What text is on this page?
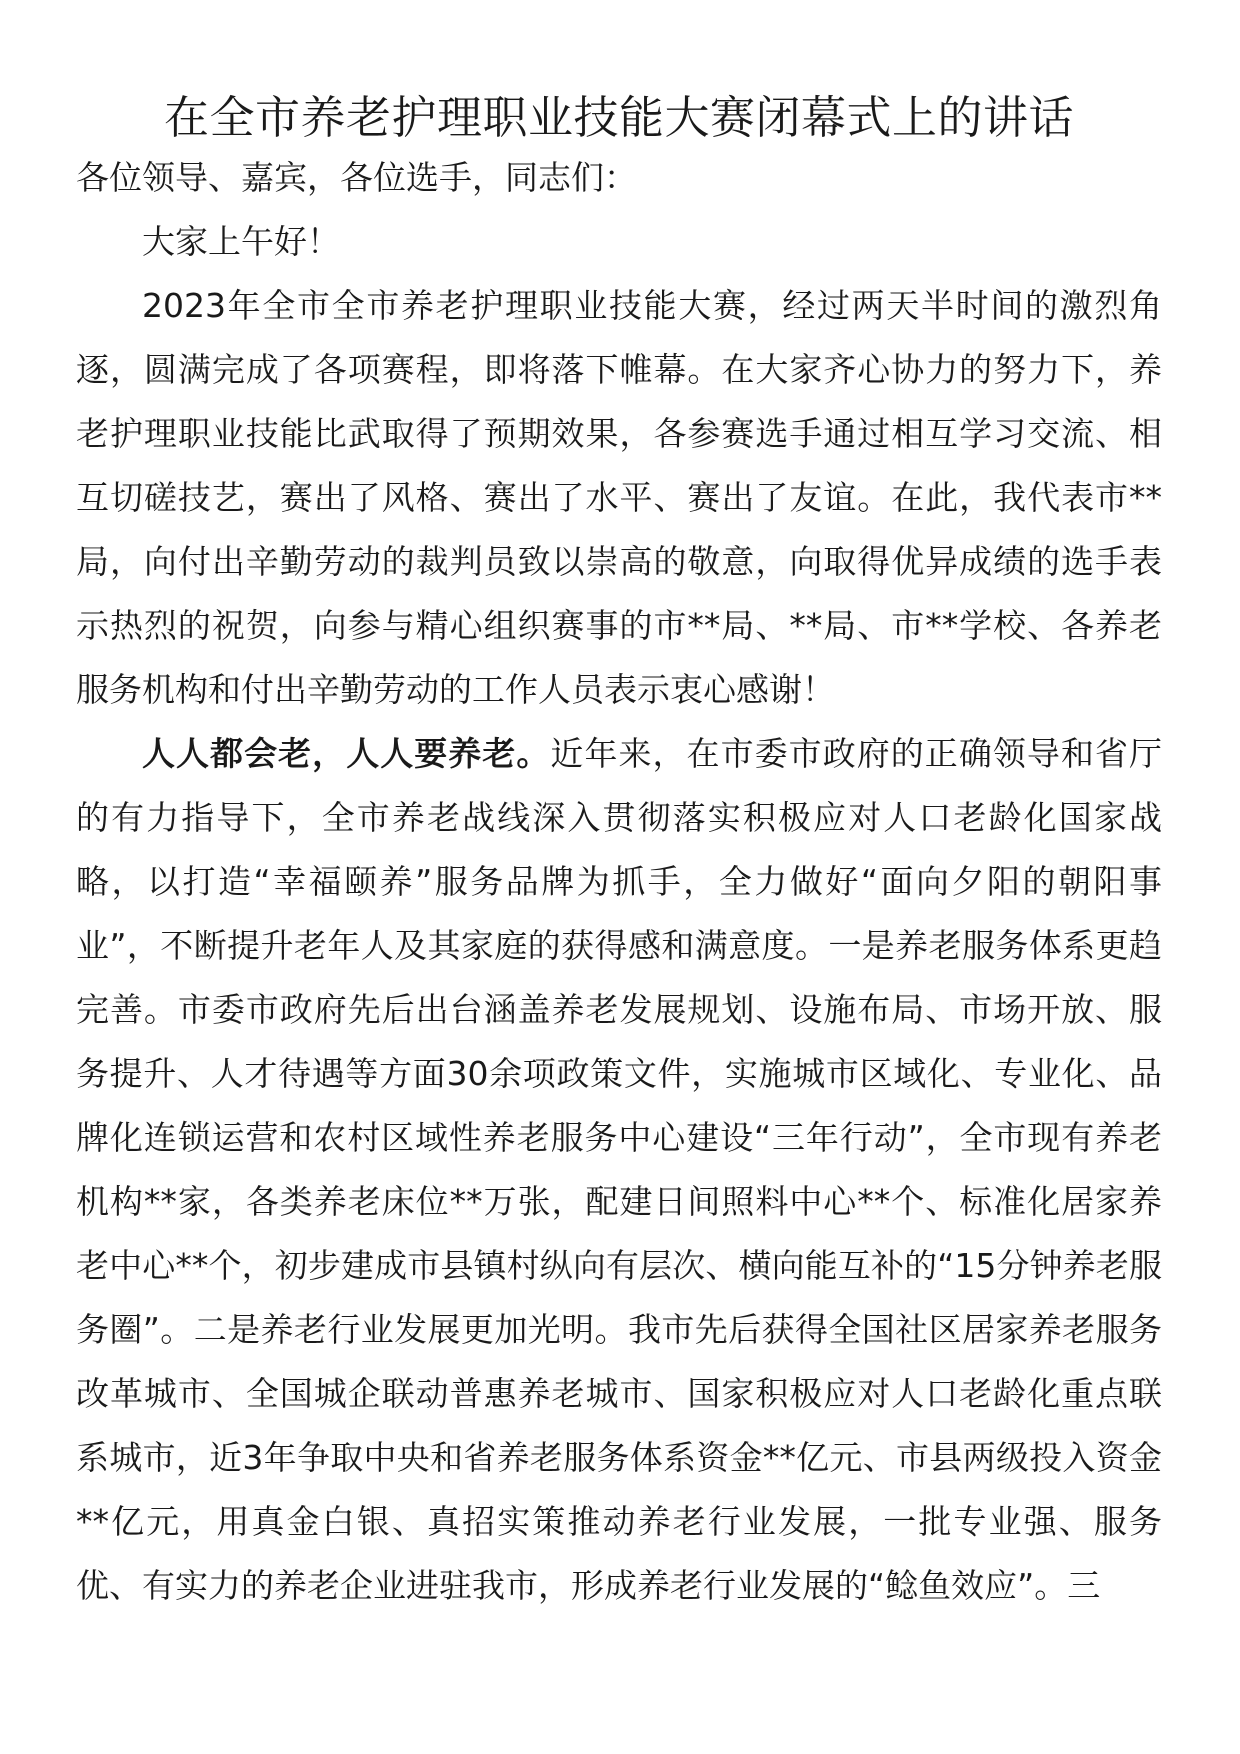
在全市养老护理职业技能大赛闭幕式上的讲话

各位领导、嘉宾，各位选手，同志们：

大家上午好！

2023年全市全市养老护理职业技能大赛，经过两天半时间的激烈角逐，圆满完成了各项赛程，即将落下帷幕。在大家齐心协力的努力下，养老护理职业技能比武取得了预期效果，各参赛选手通过相互学习交流、相互切磋技艺，赛出了风格、赛出了水平、赛出了友谊。在此，我代表市**局，向付出辛勤劳动的裁判员致以崇高的敬意，向取得优异成绩的选手表示热烈的祝贺，向参与精心组织赛事的市**局、**局、市**学校、各养老服务机构和付出辛勤劳动的工作人员表示衷心感谢！

人人都会老，人人要养老。近年来，在市委市政府的正确领导和省厅的有力指导下，全市养老战线深入贯彻落实积极应对人口老龄化国家战略，以打造“幸福颐养”服务品牌为抓手，全力做好“面向夕阳的朝阳事业”，不断提升老年人及其家庭的获得感和满意度。一是养老服务体系更趋完善。市委市政府先后出台涵盖养老发展规划、设施布局、市场开放、服务提升、人才待遇等方面30余项政策文件，实施城市区域化、专业化、品牌化连锁运营和农村区域性养老服务中心建设“三年行动”，全市现有养老机构**家，各类养老床位**万张，配建日间照料中心**个、标准化居家养老中心**个，初步建成市县镇村纵向有层次、横向能互补的“15分钟养老服务圈”。二是养老行业发展更加光明。我市先后获得全国社区居家养老服务改革城市、全国城企联动普惠养老城市、国家积极应对人口老龄化重点联系城市，近3年争取中央和省养老服务体系资金**亿元、市县两级投入资金**亿元，用真金白银、真招实策推动养老行业发展，一批专业强、服务优、有实力的养老企业进驻我市，形成养老行业发展的“鲶鱼效应”。三
